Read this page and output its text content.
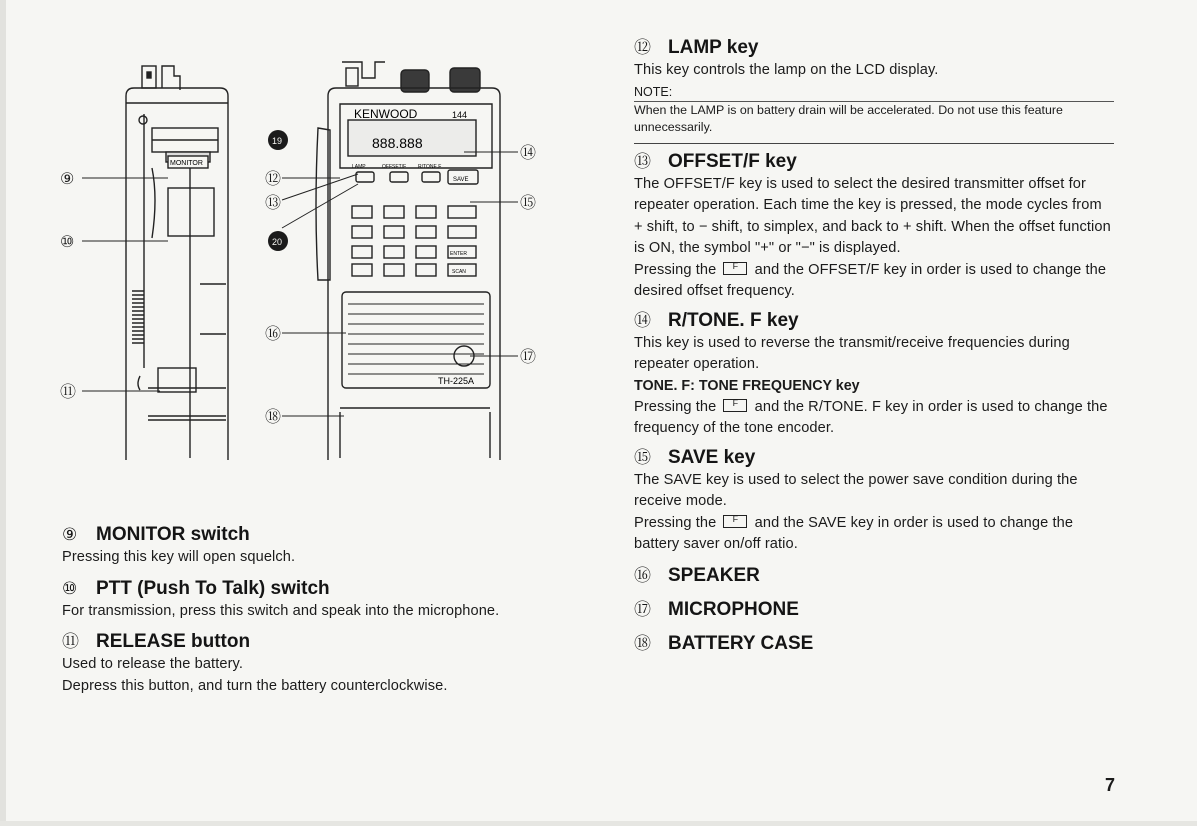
KENWOOD	144
888.888
MONITOR	LAMP	OFFSET/F R/TONE.F
SAVE
ENTER
SCAN
TH-225A
⑨
⑩
⑪
⑫
⑬
⑭
⑮
⑯
⑰
⑱
19
20
⑨ MONITOR switch

Pressing this key will open squelch.

⑩ PTT (Push To Talk) switch

For transmission, press this switch and speak into the microphone.

⑪ RELEASE button

Used to release the battery.

Depress this button, and turn the battery counterclockwise.

⑫ LAMP key

This key controls the lamp on the LCD display.

NOTE:
When the LAMP is on battery drain will be accelerated. Do not use this feature unnecessarily.
⑬ OFFSET/F key

The OFFSET/F key is used to select the desired transmitter offset for repeater operation. Each time the key is pressed, the mode cycles from + shift, to − shift, to simplex, and back to + shift. When the offset function is ON, the symbol "+" or "−" is displayed.

Pressing the	F	and the OFFSET/F key in order is used to change the desired offset frequency.

⑭ R/TONE. F key

This key is used to reverse the transmit/receive frequencies during repeater operation.

TONE. F: TONE FREQUENCY key

Pressing the	F	and the R/TONE. F key in order is used to change the frequency of the tone encoder.

⑮ SAVE key

The SAVE key is used to select the power save condition during the receive mode.

Pressing the	F	and the SAVE key in order is used to change the battery saver on/off ratio.

⑯ SPEAKER
⑰ MICROPHONE
⑱ BATTERY CASE
7
